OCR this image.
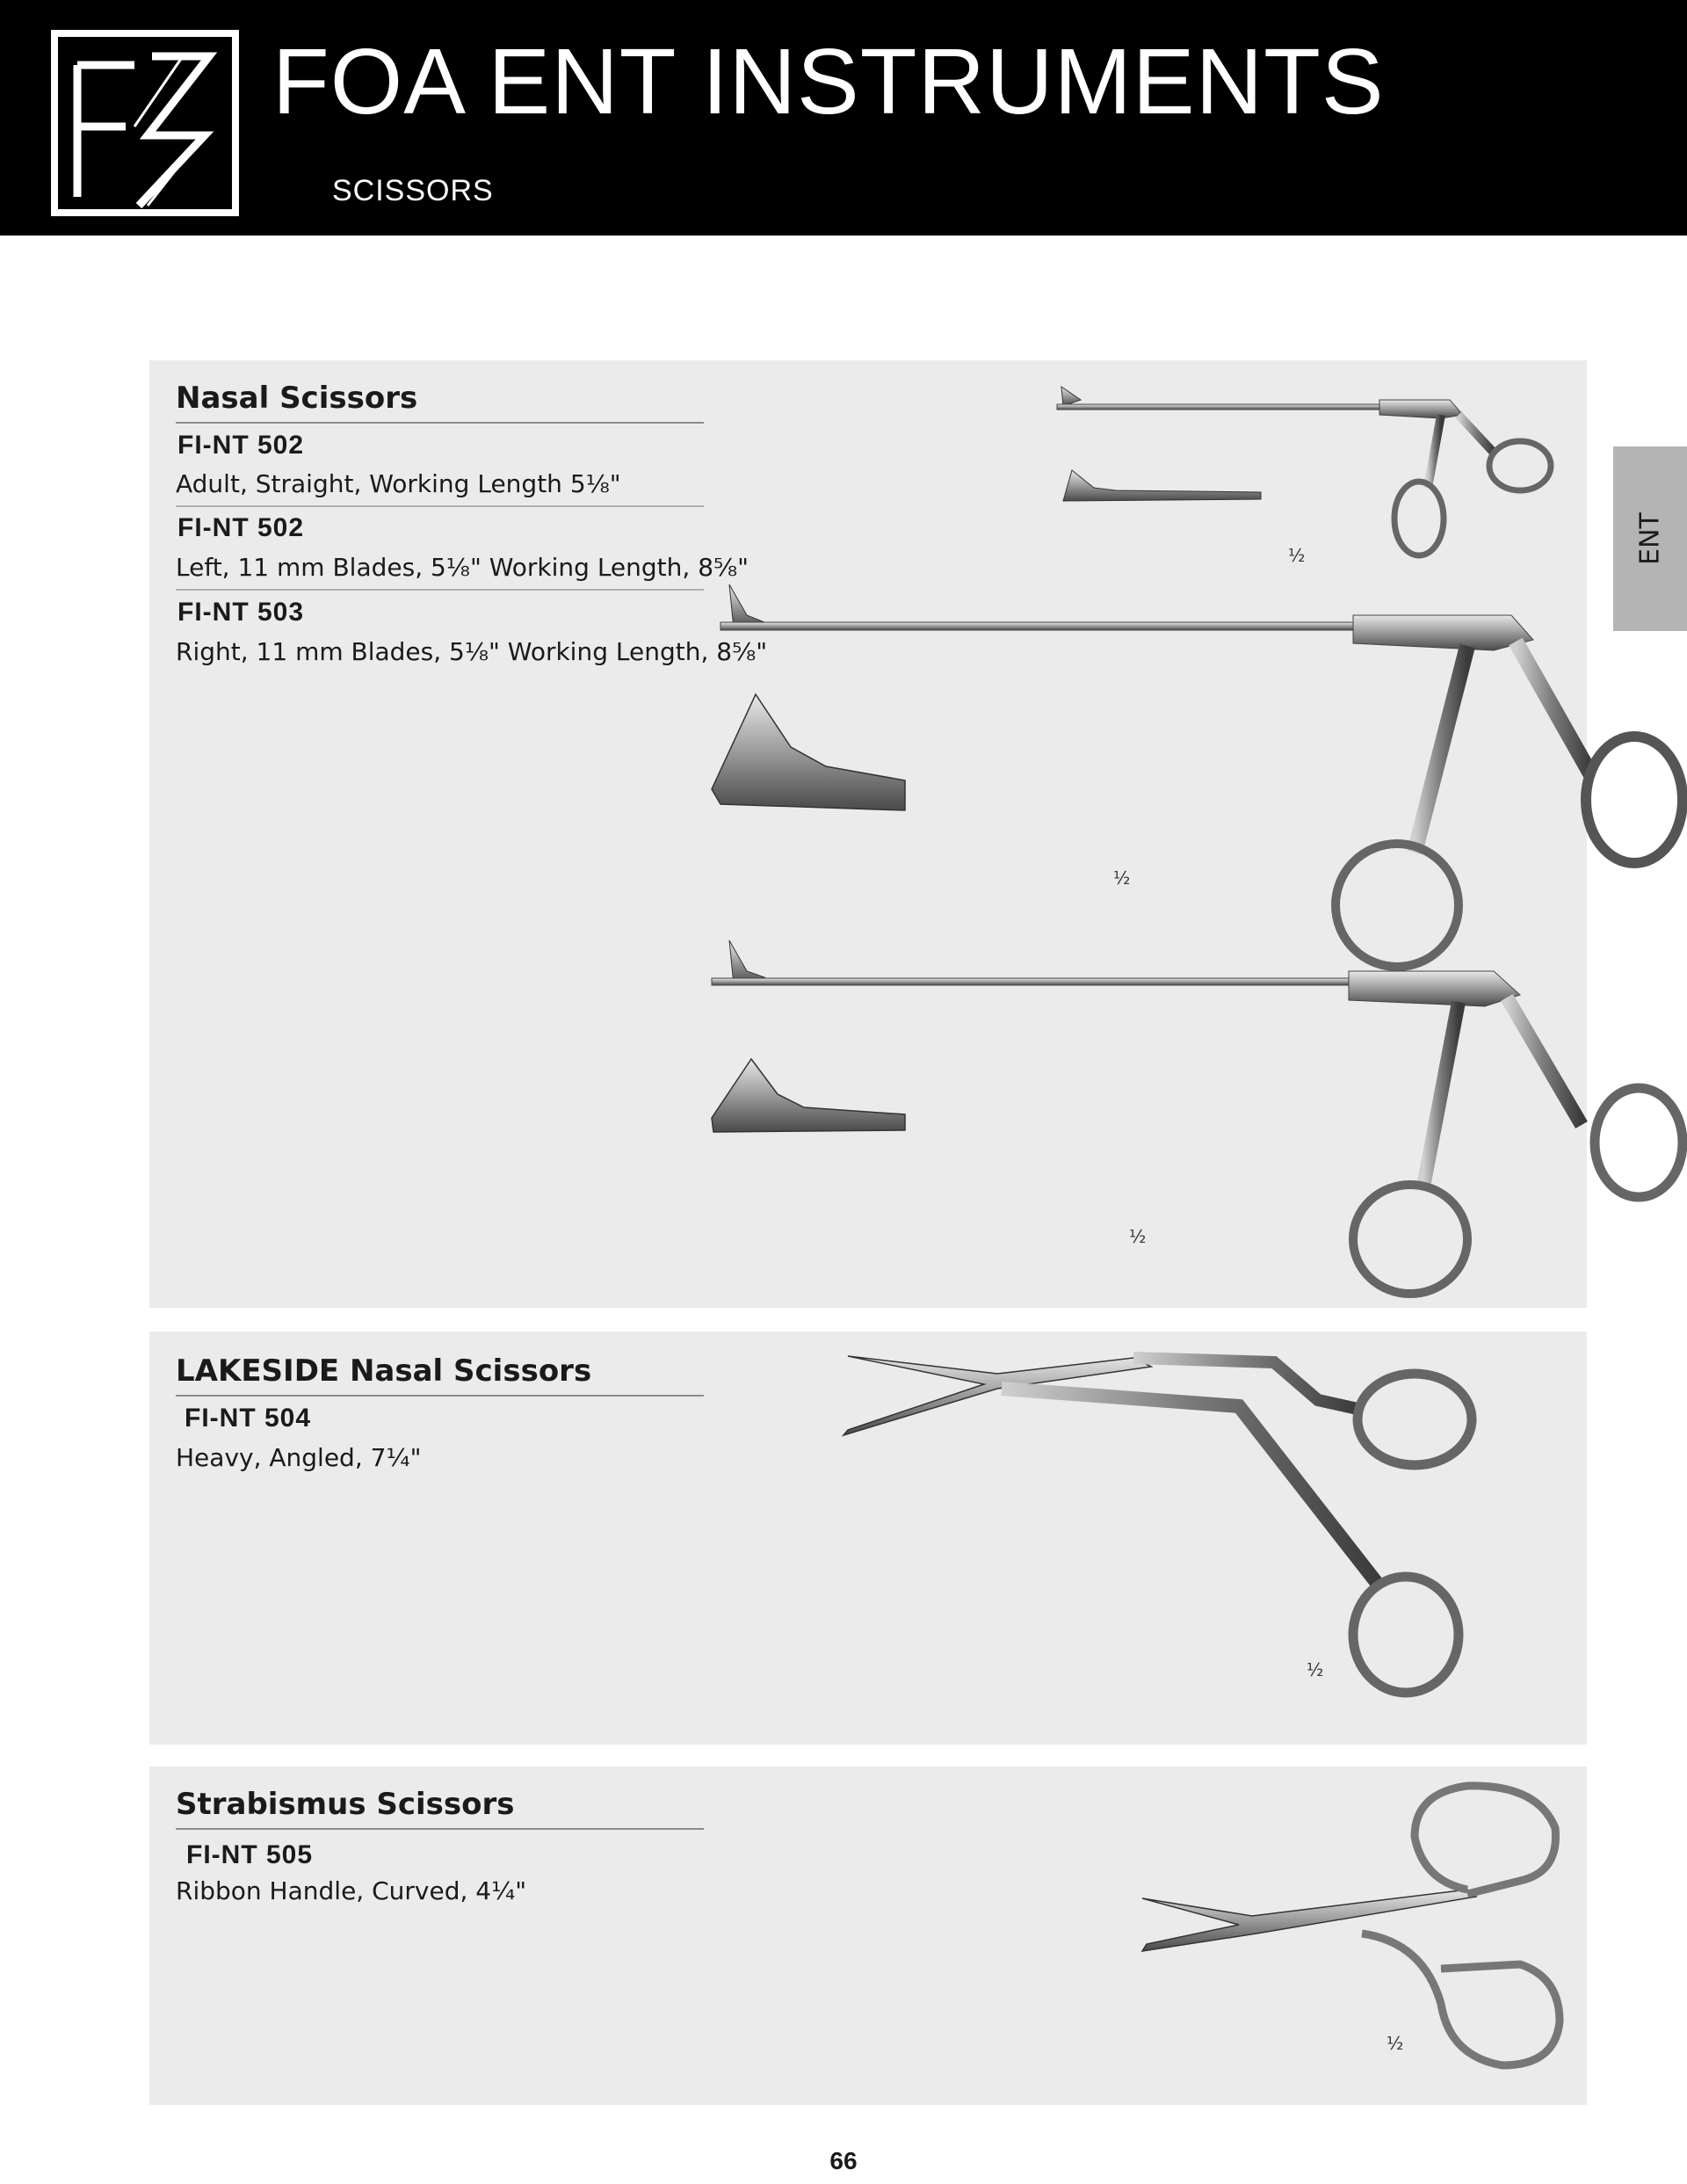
FOA ENT INSTRUMENTS
SCISSORS
ENT
Nasal Scissors
FI-NT 502
Adult, Straight, Working Length 5⅛"
FI-NT 502
Left, 11 mm Blades, 5⅛" Working Length, 8⅝"
FI-NT 503
Right, 11 mm Blades, 5⅛" Working Length, 8⅝"
½
½
½
LAKESIDE Nasal Scissors
FI-NT 504
Heavy, Angled, 7¼"
½
Strabismus Scissors
FI-NT 505
Ribbon Handle, Curved, 4¼"
½
66
